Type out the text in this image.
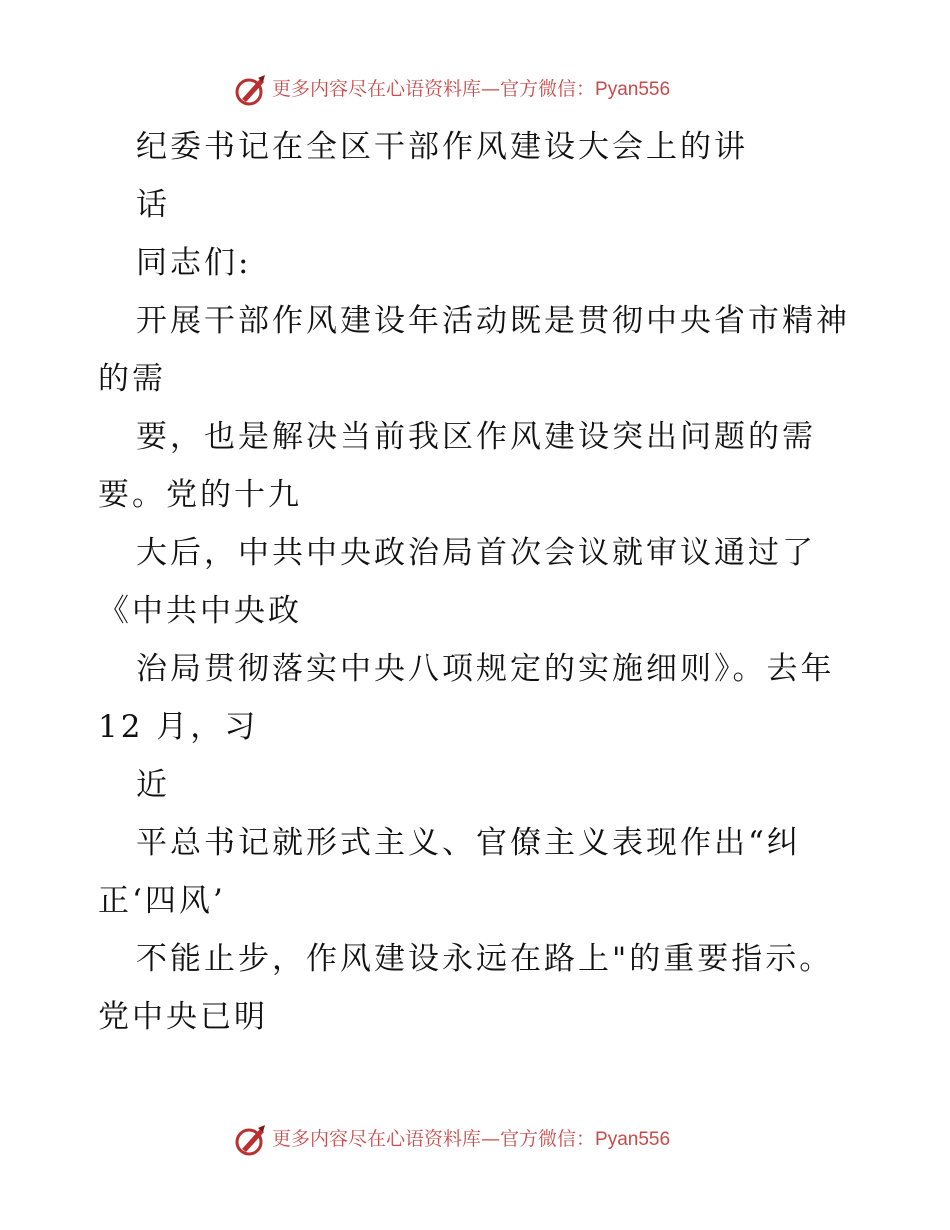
更多内容尽在心语资料库—官方微信：Pyan556
纪委书记在全区干部作风建设大会上的讲
话
同志们:
开展干部作风建设年活动既是贯彻中央省市精神
的需
要，也是解决当前我区作风建设突出问题的需
要。党的十九
大后，中共中央政治局首次会议就审议通过了
《中共中央政
治局贯彻落实中央八项规定的实施细则》。去年
12 月，习
近
平总书记就形式主义、官僚主义表现作出“纠
正‘四风’
不能止步，作风建设永远在路上"的重要指示。
党中央已明
更多内容尽在心语资料库—官方微信：Pyan556
